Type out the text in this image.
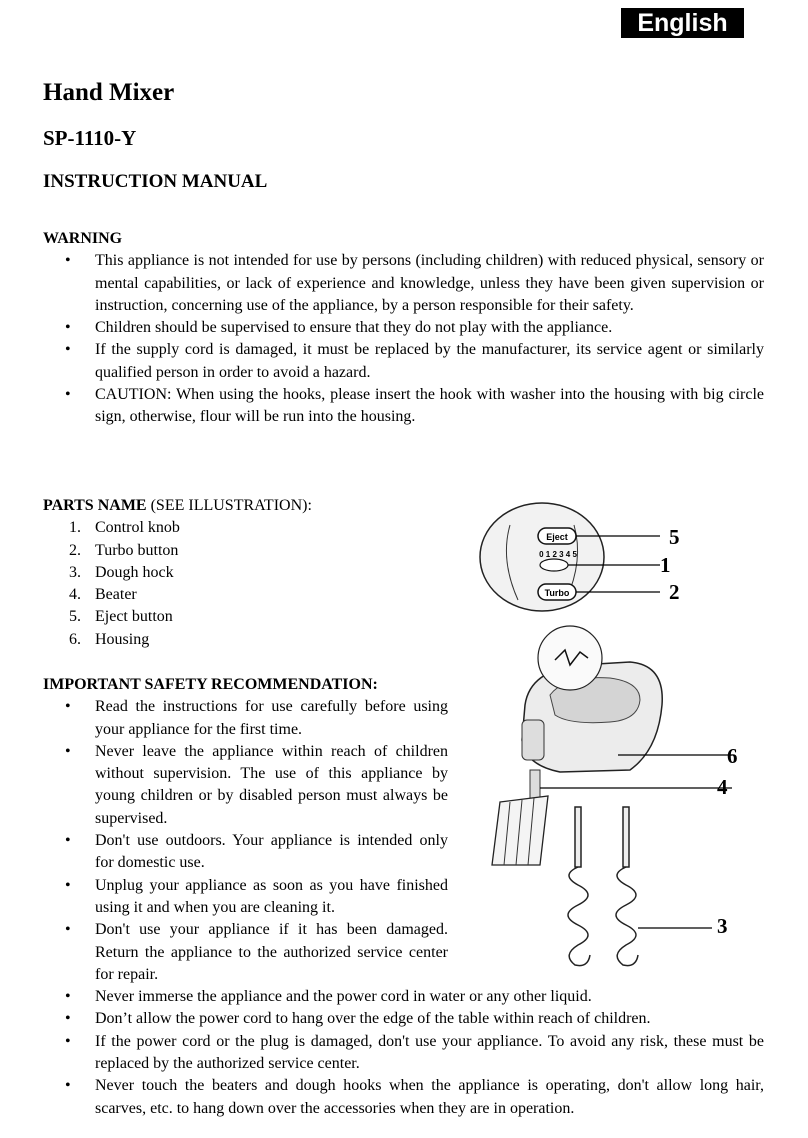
English
Hand Mixer
SP-1110-Y
INSTRUCTION MANUAL
WARNING
• This appliance is not intended for use by persons (including children) with reduced physical, sensory or mental capabilities, or lack of experience and knowledge, unless they have been given supervision or instruction, concerning use of the appliance, by a person responsible for their safety.
• Children should be supervised to ensure that they do not play with the appliance.
• If the supply cord is damaged, it must be replaced by the manufacturer, its service agent or similarly qualified person in order to avoid a hazard.
• CAUTION: When using the hooks, please insert the hook with washer into the housing with big circle sign, otherwise, flour will be run into the housing.
PARTS NAME (SEE ILLUSTRATION):
1. Control knob
2. Turbo button
3. Dough hock
4. Beater
5. Eject button
6. Housing
Eject
0 1 2 3 4 5
Turbo
5
1
2
6
4
3
IMPORTANT SAFETY RECOMMENDATION:
• Read the instructions for use carefully before using your appliance for the first time.
• Never leave the appliance within reach of children without supervision. The use of this appliance by young children or by disabled person must always be supervised.
• Don't use outdoors. Your appliance is intended only for domestic use.
• Unplug your appliance as soon as you have finished using it and when you are cleaning it.
• Don't use your appliance if it has been damaged. Return the appliance to the authorized service center for repair.
• Never immerse the appliance and the power cord in water or any other liquid.
• Don’t allow the power cord to hang over the edge of the table within reach of children.
• If the power cord or the plug is damaged, don't use your appliance. To avoid any risk, these must be replaced by the authorized service center.
• Never touch the beaters and dough hooks when the appliance is operating, don't allow long hair, scarves, etc. to hang down over the accessories when they are in operation.
